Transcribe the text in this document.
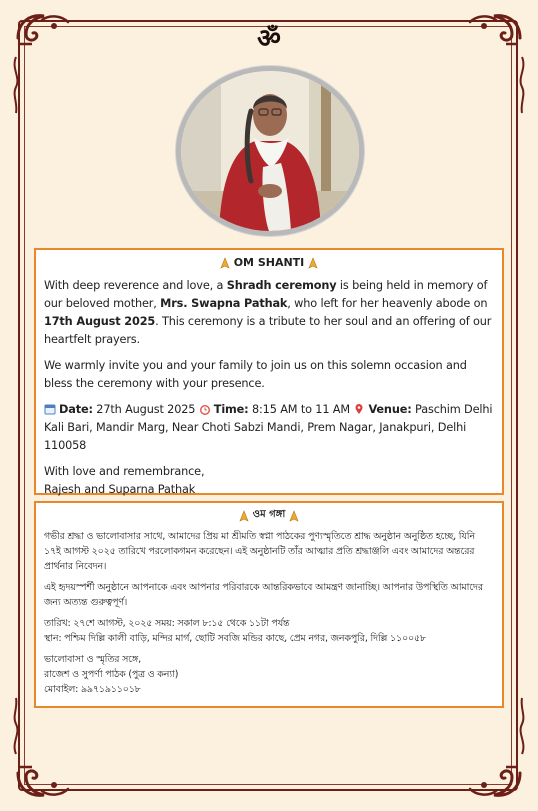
ॐ
OM SHANTI

With deep reverence and love, a Shradh ceremony is being held in memory of our beloved mother, Mrs. Swapna Pathak, who left for her heavenly abode on 17th August 2025. This ceremony is a tribute to her soul and an offering of our heartfelt prayers.

We warmly invite you and your family to join us on this solemn occasion and bless the ceremony with your presence.

Date: 27th August 2025 Time: 8:15 AM to 11 AM Venue: Paschim Delhi Kali Bari, Mandir Marg, Near Choti Sabzi Mandi, Prem Nagar, Janakpuri, Delhi 110058

With love and remembrance,
Rajesh and Suparna Pathak

ওম গঙ্গা

গভীর শ্রদ্ধা ও ভালোবাসার সাথে, আমাদের প্রিয় মা শ্রীমতি স্বপ্না পাঠকের পুণ্যস্মৃতিতে শ্রাদ্ধ অনুষ্ঠান অনুষ্ঠিত হচ্ছে, যিনি ১৭ই আগস্ট ২০২৫ তারিখে পরলোকগমন করেছেন। এই অনুষ্ঠানটি তাঁর আত্মার প্রতি শ্রদ্ধাঞ্জলি এবং আমাদের অন্তরের প্রার্থনার নিবেদন।

এই হৃদয়স্পর্শী অনুষ্ঠানে আপনাকে এবং আপনার পরিবারকে আন্তরিকভাবে আমন্ত্রণ জানাচ্ছি। আপনার উপস্থিতি আমাদের জন্য অত্যন্ত গুরুত্বপূর্ণ।

তারিখ: ২৭শে আগস্ট, ২০২৫ সময়: সকাল ৮:১৫ থেকে ১১টা পর্যন্ত
স্থান: পশ্চিম দিল্লি কালী বাড়ি, মন্দির মার্গ, ছোটি সবজি মন্ডির কাছে, প্রেম নগর, জনকপুরি, দিল্লি ১১০০৫৮

ভালোবাসা ও স্মৃতির সঙ্গে,
রাজেশ ও সুপর্ণা পাঠক (পুত্র ও কন্যা)
মোবাইল: ৯৯৭১৯১১০১৮
